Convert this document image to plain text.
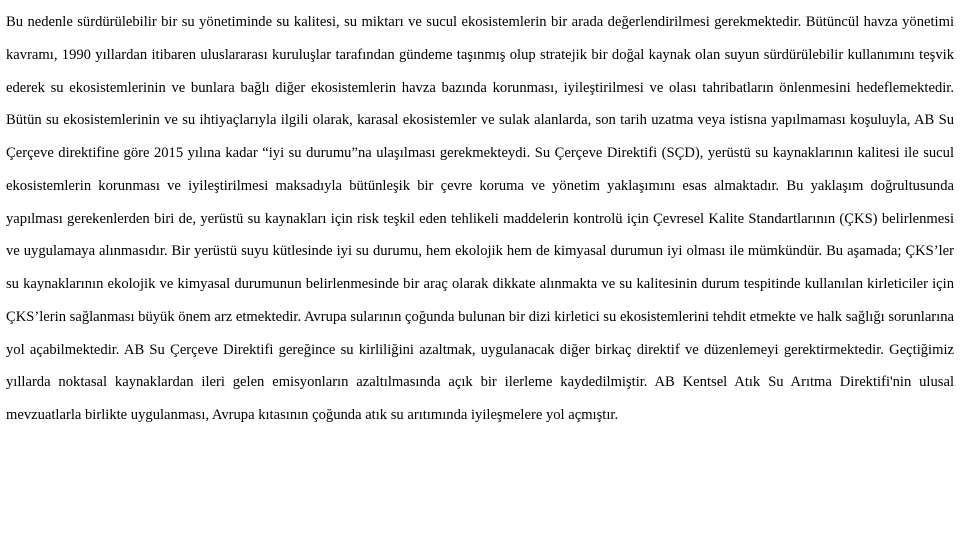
Bu nedenle sürdürülebilir bir su yönetiminde su kalitesi, su miktarı ve sucul ekosistemlerin bir arada değerlendirilmesi gerekmektedir. Bütüncül havza yönetimi kavramı, 1990 yıllardan itibaren uluslararası kuruluşlar tarafından gündeme taşınmış olup stratejik bir doğal kaynak olan suyun sürdürülebilir kullanımını teşvik ederek su ekosistemlerinin ve bunlara bağlı diğer ekosistemlerin havza bazında korunması, iyileştirilmesi ve olası tahribatların önlenmesini hedeflemektedir. Bütün su ekosistemlerinin ve su ihtiyaçlarıyla ilgili olarak, karasal ekosistemler ve sulak alanlarda, son tarih uzatma veya istisna yapılmaması koşuluyla, AB Su Çerçeve direktifine göre 2015 yılına kadar “iyi su durumu”na ulaşılması gerekmekteydi. Su Çerçeve Direktifi (SÇD), yerüstü su kaynaklarının kalitesi ile sucul ekosistemlerin korunması ve iyileştirilmesi maksadıyla bütünleşik bir çevre koruma ve yönetim yaklaşımını esas almaktadır. Bu yaklaşım doğrultusunda yapılması gerekenlerden biri de, yerüstü su kaynakları için risk teşkil eden tehlikeli maddelerin kontrolü için Çevresel Kalite Standartlarının (ÇKS) belirlenmesi ve uygulamaya alınmasıdır. Bir yerüstü suyu kütlesinde iyi su durumu, hem ekolojik hem de kimyasal durumun iyi olması ile mümkündür. Bu aşamada; ÇKS’ler su kaynaklarının ekolojik ve kimyasal durumunun belirlenmesinde bir araç olarak dikkate alınmakta ve su kalitesinin durum tespitinde kullanılan kirleticiler için ÇKS’lerin sağlanması büyük önem arz etmektedir. Avrupa sularının çoğunda bulunan bir dizi kirletici su ekosistemlerini tehdit etmekte ve halk sağlığı sorunlarına yol açabilmektedir. AB Su Çerçeve Direktifi gereğince su kirliliğini azaltmak, uygulanacak diğer birkaç direktif ve düzenlemeyi gerektirmektedir. Geçtiğimiz yıllarda noktasal kaynaklardan ileri gelen emisyonların azaltılmasında açık bir ilerleme kaydedilmiştir. AB Kentsel Atık Su Arıtma Direktifi'nin ulusal mevzuatlarla birlikte uygulanması, Avrupa kıtasının çoğunda atık su arıtımında iyileşmelere yol açmıştır.
